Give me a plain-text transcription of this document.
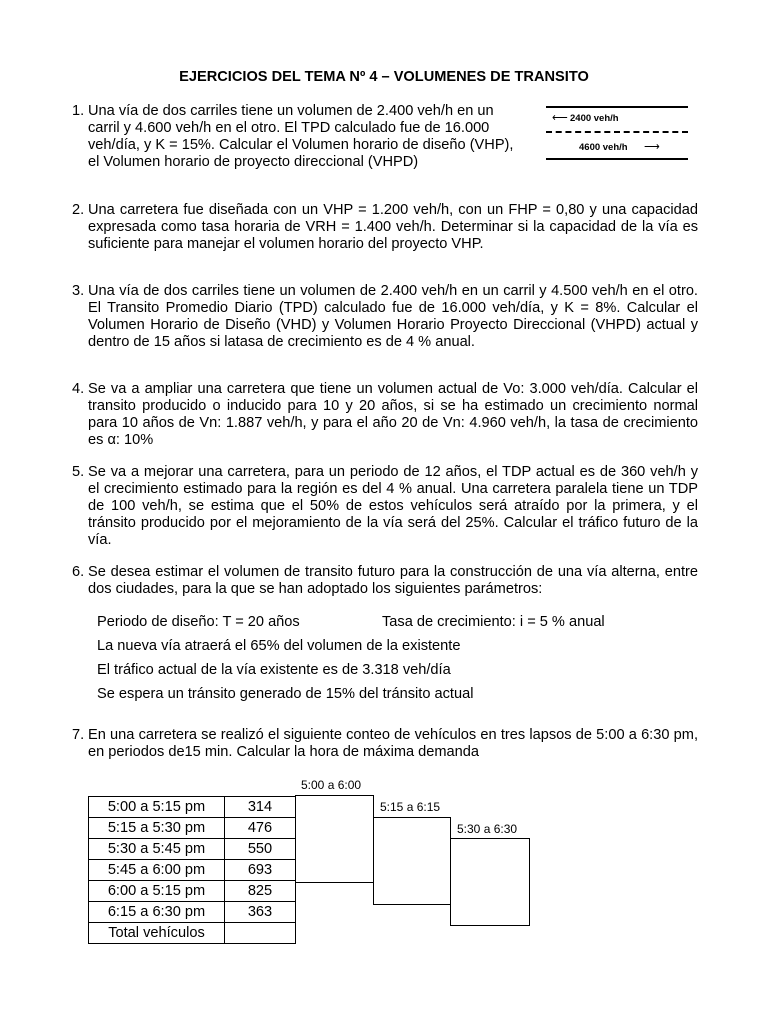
EJERCICIOS DEL TEMA Nº 4 – VOLUMENES DE TRANSITO
1. Una vía de dos carriles tiene un volumen de 2.400 veh/h en un carril y 4.600 veh/h en el otro. El TPD calculado fue de 16.000 veh/día, y K = 15%. Calcular el Volumen horario de diseño (VHP), el Volumen horario de proyecto direccional (VHPD)
⟵ 2400 veh/h
4600 veh/h ⟶
2. Una carretera fue diseñada con un VHP = 1.200 veh/h, con un FHP = 0,80 y una capacidad expresada como tasa horaria de VRH = 1.400 veh/h. Determinar si la capacidad de la vía es suficiente para manejar el volumen horario del proyecto VHP.
3. Una vía de dos carriles tiene un volumen de 2.400 veh/h en un carril y 4.500 veh/h en el otro. El Transito Promedio Diario (TPD) calculado fue de 16.000 veh/día, y K = 8%. Calcular el Volumen Horario de Diseño (VHD) y Volumen Horario Proyecto Direccional (VHPD) actual y dentro de 15 años si latasa de crecimiento es de 4 % anual.
4. Se va a ampliar una carretera que tiene un volumen actual de Vo: 3.000 veh/día. Calcular el transito producido o inducido para 10 y 20 años, si se ha estimado un crecimiento normal para 10 años de Vn: 1.887 veh/h, y para el año 20 de Vn: 4.960 veh/h, la tasa de crecimiento es α: 10%
5. Se va a mejorar una carretera, para un periodo de 12 años, el TDP actual es de 360 veh/h y el crecimiento estimado para la región es del 4 % anual. Una carretera paralela tiene un TDP de 100 veh/h, se estima que el 50% de estos vehículos será atraído por la primera, y el tránsito producido por el mejoramiento de la vía será del 25%. Calcular el tráfico futuro de la vía.
6. Se desea estimar el volumen de transito futuro para la construcción de una vía alterna, entre dos ciudades, para la que se han adoptado los siguientes parámetros:
Periodo de diseño: T = 20 años	Tasa de crecimiento: i = 5 % anual
La nueva vía atraerá el 65% del volumen de la existente
El tráfico actual de la vía existente es de 3.318 veh/día
Se espera un tránsito generado de 15% del tránsito actual
7. En una carretera se realizó el siguiente conteo de vehículos en tres lapsos de 5:00 a 6:30 pm, en periodos de15 min. Calcular la hora de máxima demanda
5:00 a 5:15 pm	314
5:15 a 5:30 pm	476
5:30 a 5:45 pm	550
5:45 a 6:00 pm	693
6:00 a 5:15 pm	825
6:15 a 6:30 pm	363
Total vehículos	
5:00 a 6:00
5:15 a 6:15
5:30 a 6:30
